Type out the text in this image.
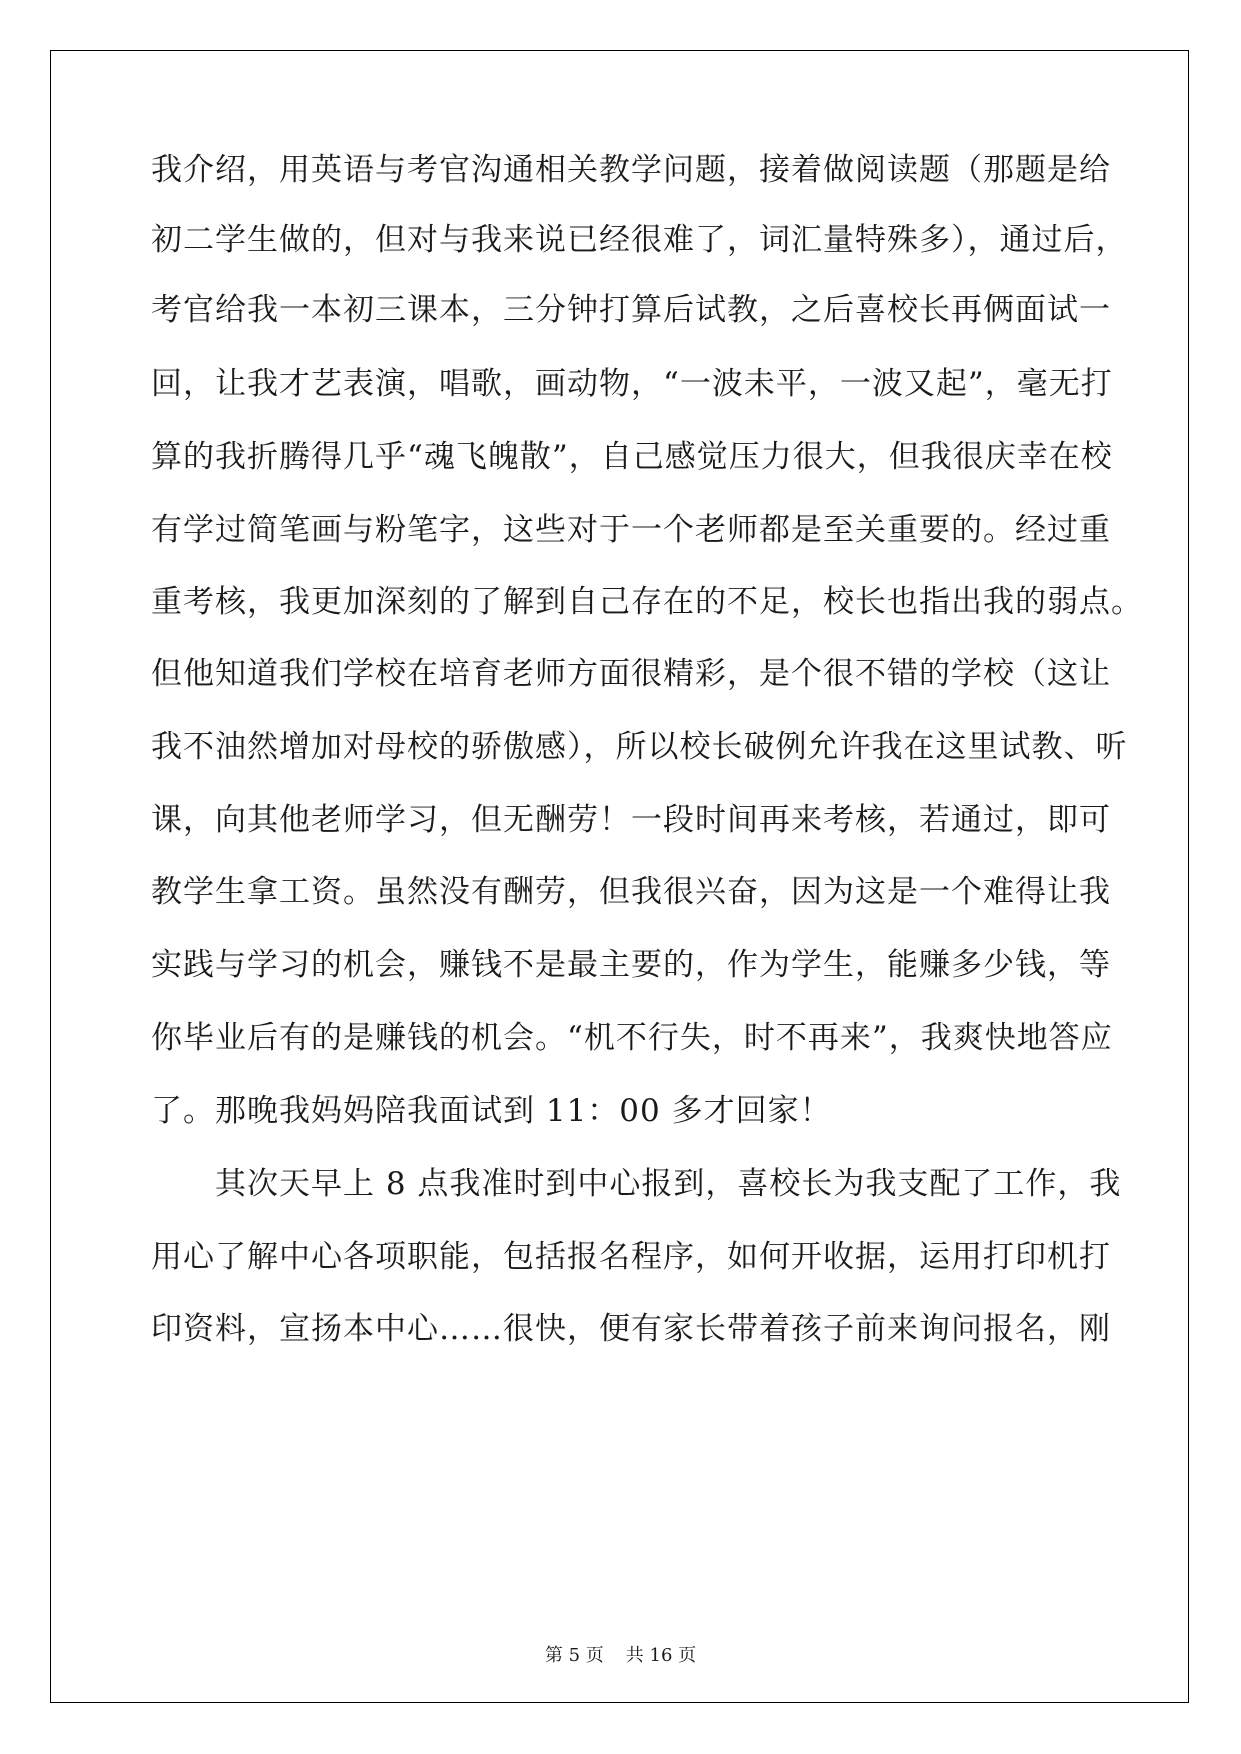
我介绍，用英语与考官沟通相关教学问题，接着做阅读题（那题是给
初二学生做的，但对与我来说已经很难了，词汇量特殊多），通过后，
考官给我一本初三课本，三分钟打算后试教，之后喜校长再俩面试一
回，让我才艺表演，唱歌，画动物，“一波未平，一波又起”，毫无打
算的我折腾得几乎“魂飞魄散”，自己感觉压力很大，但我很庆幸在校
有学过简笔画与粉笔字，这些对于一个老师都是至关重要的。经过重
重考核，我更加深刻的了解到自己存在的不足，校长也指出我的弱点。
但他知道我们学校在培育老师方面很精彩，是个很不错的学校（这让
我不油然增加对母校的骄傲感），所以校长破例允许我在这里试教、听
课，向其他老师学习，但无酬劳！一段时间再来考核，若通过，即可
教学生拿工资。虽然没有酬劳，但我很兴奋，因为这是一个难得让我
实践与学习的机会，赚钱不是最主要的，作为学生，能赚多少钱，等
你毕业后有的是赚钱的机会。“机不行失，时不再来”，我爽快地答应
了。那晚我妈妈陪我面试到 11：00 多才回家！
其次天早上 8 点我准时到中心报到，喜校长为我支配了工作，我
用心了解中心各项职能，包括报名程序，如何开收据，运用打印机打
印资料，宣扬本中心……很快，便有家长带着孩子前来询问报名，刚
第 5 页 共 16 页
